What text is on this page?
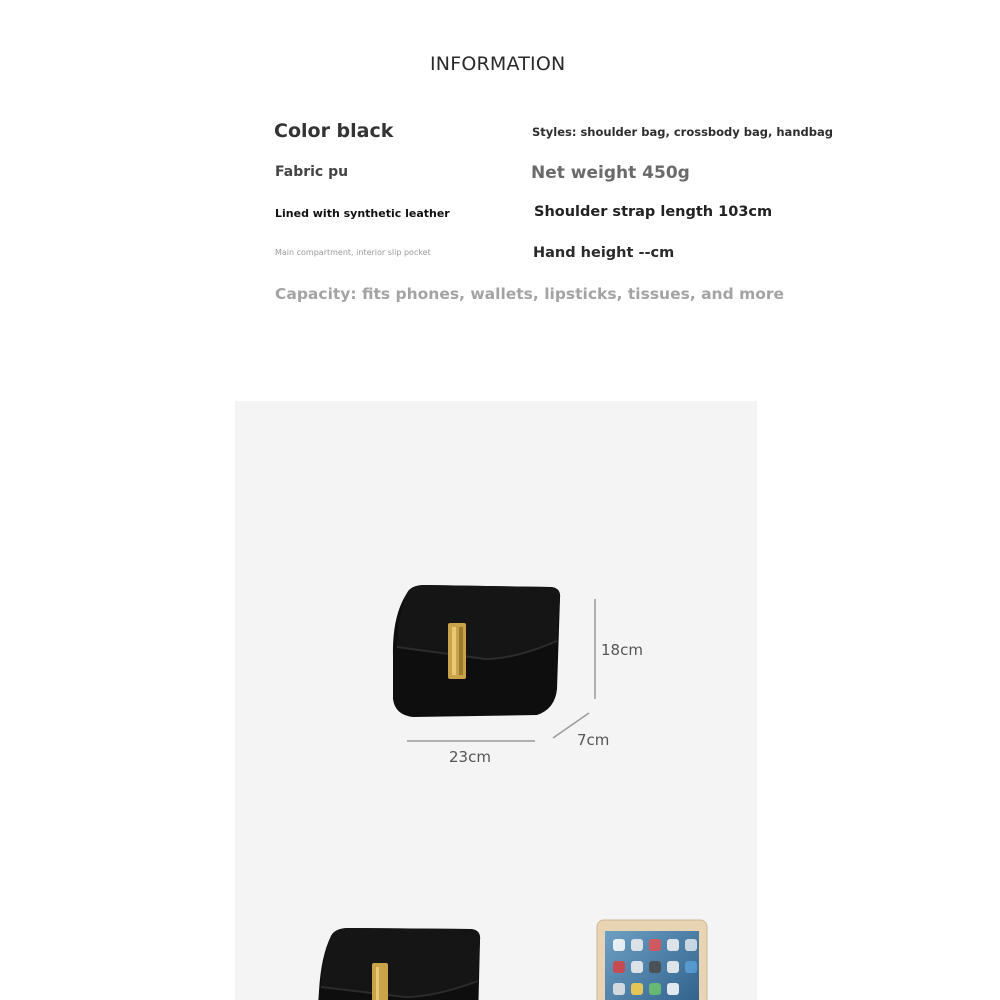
INFORMATION
Color black	Styles: shoulder bag, crossbody bag, handbag
Fabric pu	Net weight 450g
Lined with synthetic leather	Shoulder strap length 103cm
Main compartment, interior slip pocket	Hand height --cm
Capacity: fits phones, wallets, lipsticks, tissues, and more
18cm
7cm
23cm
